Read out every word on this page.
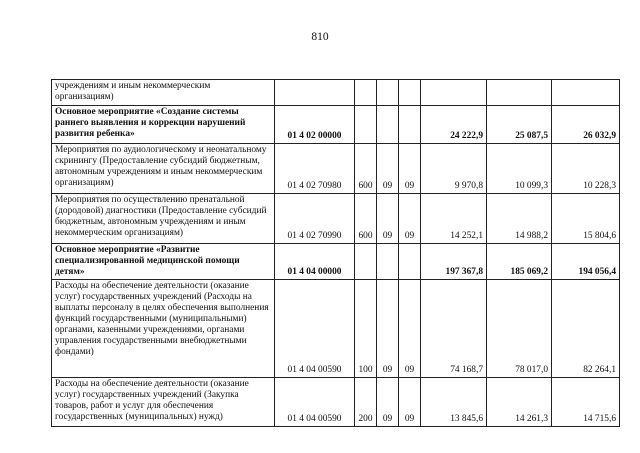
810
учреждениям и иным некоммерческим организациям)							
Основное мероприятие «Создание системы раннего выявления и коррекции нарушений развития ребенка»	01 4 02 00000				24 222,9	25 087,5	26 032,9
Мероприятия по аудиологическому и неонатальному скринингу (Предоставление субсидий бюджетным, автономным учреждениям и иным некоммерческим организациям)	01 4 02 70980	600	09	09	9 970,8	10 099,3	10 228,3
Мероприятия по осуществлению пренатальной (дородовой) диагностики (Предоставление субсидий бюджетным, автономным учреждениям и иным некоммерческим организациям)	01 4 02 70990	600	09	09	14 252,1	14 988,2	15 804,6
Основное мероприятие «Развитие специализированной медицинской помощи детям»	01 4 04 00000				197 367,8	185 069,2	194 056,4
Расходы на обеспечение деятельности (оказание услуг) государственных учреждений (Расходы на выплаты персоналу в целях обеспечения выполнения функций государственными (муниципальными) органами, казенными учреждениями, органами управления государственными внебюджетными фондами)	01 4 04 00590	100	09	09	74 168,7	78 017,0	82 264,1
Расходы на обеспечение деятельности (оказание услуг) государственных учреждений (Закупка товаров, работ и услуг для обеспечения государственных (муниципальных) нужд)	01 4 04 00590	200	09	09	13 845,6	14 261,3	14 715,6
